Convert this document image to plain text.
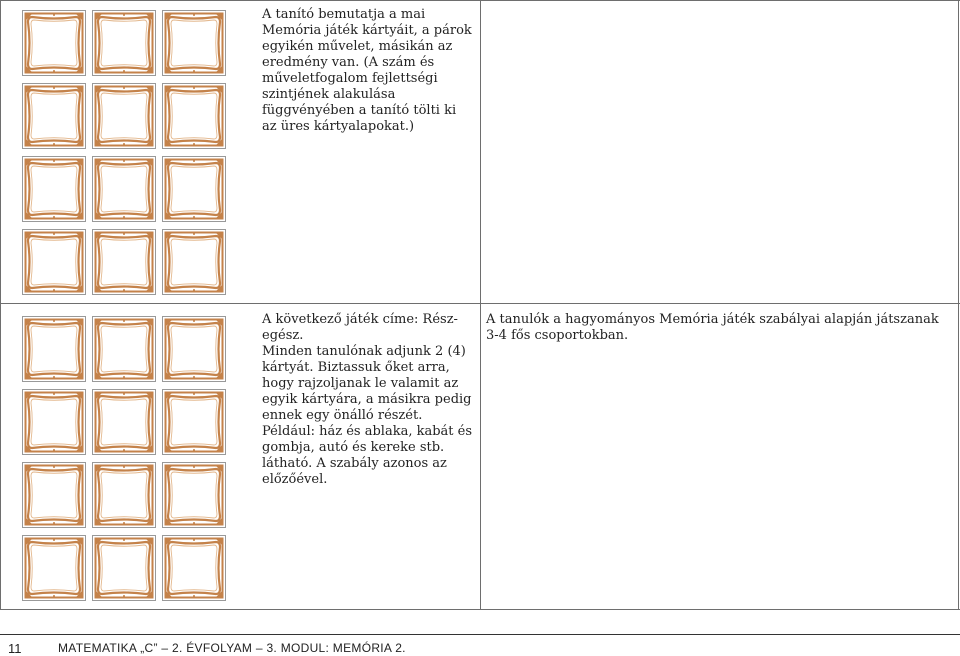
A tanító bemutatja a mai Memória játék kártyáit, a párok egyikén művelet, másikán az eredmény van. (A szám és műveletfogalom fejlettségi szintjének alakulása függvényében a tanító tölti ki az üres kártyalapokat.)

A következő játék címe: Rész-egész.

Minden tanulónak adjunk 2 (4) kártyát. Biztassuk őket arra, hogy rajzoljanak le valamit az egyik kártyára, a másikra pedig ennek egy önálló részét.

Például: ház és ablaka, kabát és gombja, autó és kereke stb. látható. A szabály azonos az előzőével.

A tanulók a hagyományos Memória játék szabályai alapján játszanak 3-4 fős csoportokban.
11	MATEMATIKA „C” – 2. ÉVFOLYAM – 3. MODUL: MEMÓRIA 2.
